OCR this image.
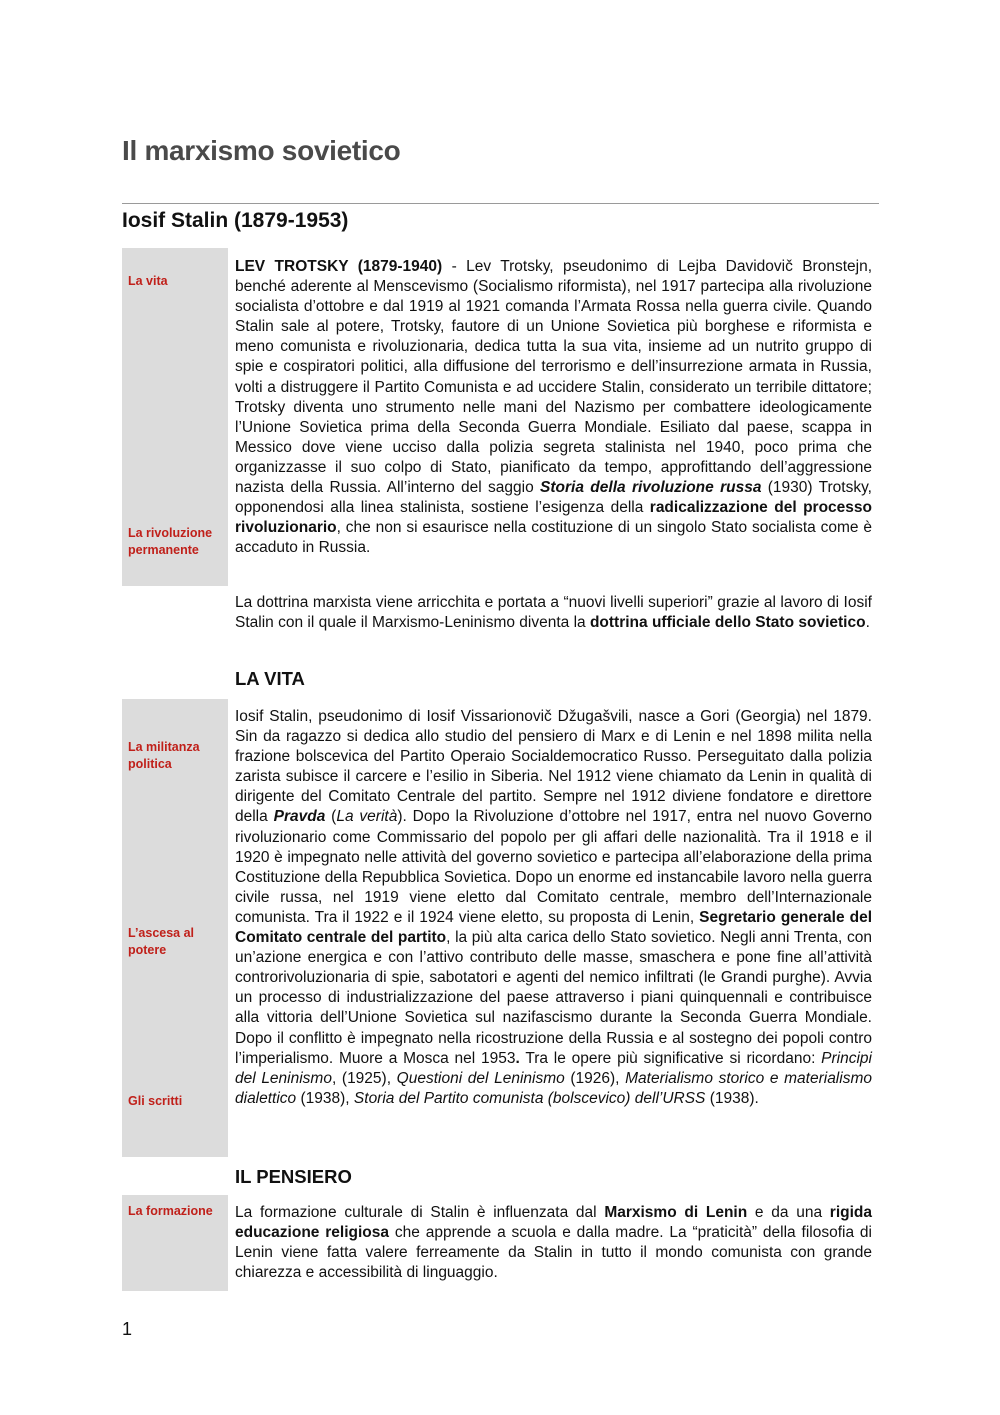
Il marxismo sovietico
Iosif Stalin (1879-1953)
La vita
La rivoluzione permanente

LEV TROTSKY (1879-1940) - Lev Trotsky, pseudonimo di Lejba Davidovič Bronstejn, benché aderente al Menscevismo (Socialismo riformista), nel 1917 partecipa alla rivoluzione socialista d’ottobre e dal 1919 al 1921 comanda l’Armata Rossa nella guerra civile. Quando Stalin sale al potere, Trotsky, fautore di un Unione Sovietica più borghese e riformista e meno comunista e rivoluzionaria, dedica tutta la sua vita, insieme ad un nutrito gruppo di spie e cospiratori politici, alla diffusione del terrorismo e dell’insurrezione armata in Russia, volti a distruggere il Partito Comunista e ad uccidere Stalin, considerato un terribile dittatore; Trotsky diventa uno strumento nelle mani del Nazismo per combattere ideologicamente l’Unione Sovietica prima della Seconda Guerra Mondiale. Esiliato dal paese, scappa in Messico dove viene ucciso dalla polizia segreta stalinista nel 1940, poco prima che organizzasse il suo colpo di Stato, pianificato da tempo, approfittando dell’aggressione nazista della Russia. All’interno del saggio Storia della rivoluzione russa (1930) Trotsky, opponendosi alla linea stalinista, sostiene l’esigenza della radicalizzazione del processo rivoluzionario, che non si esaurisce nella costituzione di un singolo Stato socialista come è accaduto in Russia.

La dottrina marxista viene arricchita e portata a “nuovi livelli superiori” grazie al lavoro di Iosif Stalin con il quale il Marxismo-Leninismo diventa la dottrina ufficiale dello Stato sovietico.

LA VITA
La militanza politica
L’ascesa al potere
Gli scritti

Iosif Stalin, pseudonimo di Iosif Vissarionovič Džugašvili, nasce a Gori (Georgia) nel 1879. Sin da ragazzo si dedica allo studio del pensiero di Marx e di Lenin e nel 1898 milita nella frazione bolscevica del Partito Operaio Socialdemocratico Russo. Perseguitato dalla polizia zarista subisce il carcere e l’esilio in Siberia. Nel 1912 viene chiamato da Lenin in qualità di dirigente del Comitato Centrale del partito. Sempre nel 1912 diviene fondatore e direttore della Pravda (La verità). Dopo la Rivoluzione d’ottobre nel 1917, entra nel nuovo Governo rivoluzionario come Commissario del popolo per gli affari delle nazionalità. Tra il 1918 e il 1920 è impegnato nelle attività del governo sovietico e partecipa all’elaborazione della prima Costituzione della Repubblica Sovietica. Dopo un enorme ed instancabile lavoro nella guerra civile russa, nel 1919 viene eletto dal Comitato centrale, membro dell’Internazionale comunista. Tra il 1922 e il 1924 viene eletto, su proposta di Lenin, Segretario generale del Comitato centrale del partito, la più alta carica dello Stato sovietico. Negli anni Trenta, con un’azione energica e con l’attivo contributo delle masse, smaschera e pone fine all’attività controrivoluzionaria di spie, sabotatori e agenti del nemico infiltrati (le Grandi purghe). Avvia un processo di industrializzazione del paese attraverso i piani quinquennali e contribuisce alla vittoria dell’Unione Sovietica sul nazifascismo durante la Seconda Guerra Mondiale. Dopo il conflitto è impegnato nella ricostruzione della Russia e al sostegno dei popoli contro l’imperialismo. Muore a Mosca nel 1953. Tra le opere più significative si ricordano: Principi del Leninismo, (1925), Questioni del Leninismo (1926), Materialismo storico e materialismo dialettico (1938), Storia del Partito comunista (bolscevico) dell’URSS (1938).

IL PENSIERO
La formazione	La formazione culturale di Stalin è influenzata dal Marxismo di Lenin e da una rigida educazione religiosa che apprende a scuola e dalla madre. La “praticità” della filosofia di Lenin viene fatta valere ferreamente da Stalin in tutto il mondo comunista con grande chiarezza e accessibilità di linguaggio.

1
